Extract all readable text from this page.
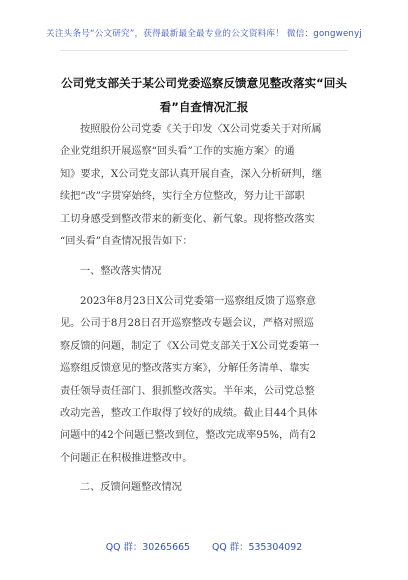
关注头条号“公文研究”，获得最新最全最专业的公文资料库！ 微信：gongwenyj
公司党支部关于某公司党委巡察反馈意见整改落实“回头
看”自查情况汇报
按照股份公司党委《关于印发〈X公司党委关于对所属
企业党组织开展巡察“回头看”工作的实施方案〉的通
知》要求，X公司党支部认真开展自查，深入分析研判，继
续把“改”字贯穿始终，实行全方位整改，努力让干部职
工切身感受到整改带来的新变化、新气象。现将整改落实
“回头看”自查情况报告如下：
一、整改落实情况
2023年8月23日X公司党委第一巡察组反馈了巡察意
见。公司于8月28日召开巡察整改专题会议，严格对照巡
察反馈的问题，制定了《X公司党支部关于X公司党委第一
巡察组反馈意见的整改落实方案》，分解任务清单、靠实
责任领导责任部门、狠抓整改落实。半年来，公司党总整
改动完善，整改工作取得了较好的成绩。截止目44个具体
问题中的42个问题已整改到位，整改完成率95%，尚有2
个问题正在积极推进整改中。
二、反馈问题整改情况
QQ 群：30265665 QQ 群：535304092
